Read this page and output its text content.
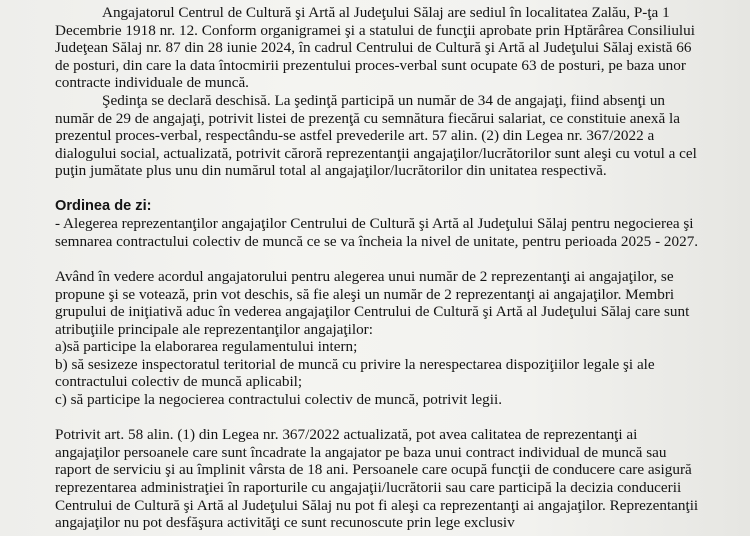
Angajatorul Centrul de Cultură şi Artă al Judeţului Sălaj are sediul în localitatea Zalău, P-ţa 1
Decembrie 1918 nr. 12. Conform organigramei şi a statului de funcţii aprobate prin Hptărârea Consiliului
Judeţean Sălaj nr. 87 din 28 iunie 2024, în cadrul Centrului de Cultură şi Artă al Judeţului Sălaj există 66
de posturi, din care la data întocmirii prezentului proces-verbal sunt ocupate 63 de posturi, pe baza unor
contracte individuale de muncă.
Şedinţa se declară deschisă. La şedinţă participă un număr de 34 de angajaţi, fiind absenţi un
număr de 29 de angajaţi, potrivit listei de prezenţă cu semnătura fiecărui salariat, ce constituie anexă la
prezentul proces-verbal, respectându-se astfel prevederile art. 57 alin. (2) din Legea nr. 367/2022 a
dialogului social, actualizată, potrivit căroră reprezentanţii angajaţilor/lucrătorilor sunt aleşi cu votul a cel
puţin jumătate plus unu din numărul total al angajaţilor/lucrătorilor din unitatea respectivă.
Ordinea de zi:
- Alegerea reprezentanţilor angajaţilor Centrului de Cultură şi Artă al Judeţului Sălaj pentru negocierea şi
semnarea contractului colectiv de muncă ce se va încheia la nivel de unitate, pentru perioada 2025 - 2027.
Având în vedere acordul angajatorului pentru alegerea unui număr de 2 reprezentanţi ai angajaţilor, se
propune şi se votează, prin vot deschis, să fie aleşi un număr de 2 reprezentanţi ai angajaţilor. Membri
grupului de iniţiativă aduc în vederea angajaţilor Centrului de Cultură şi Artă al Judeţului Sălaj care sunt
atribuţiile principale ale reprezentanţilor angajaţilor:
a)să participe la elaborarea regulamentului intern;
b) să sesizeze inspectoratul teritorial de muncă cu privire la nerespectarea dispoziţiilor legale şi ale
contractului colectiv de muncă aplicabil;
c) să participe la negocierea contractului colectiv de muncă, potrivit legii.
Potrivit art. 58 alin. (1) din Legea nr. 367/2022 actualizată, pot avea calitatea de reprezentanţi ai
angajaţilor persoanele care sunt încadrate la angajator pe baza unui contract individual de muncă sau
raport de serviciu şi au împlinit vârsta de 18 ani. Persoanele care ocupă funcţii de conducere care asigură
reprezentarea administraţiei în raporturile cu angajaţii/lucrătorii sau care participă la decizia conducerii
Centrului de Cultură şi Artă al Judeţului Sălaj nu pot fi aleşi ca reprezentanţi ai angajaţilor. Reprezentanţii
angajaţilor nu pot desfăşura activităţi ce sunt recunoscute prin lege exclusiv
